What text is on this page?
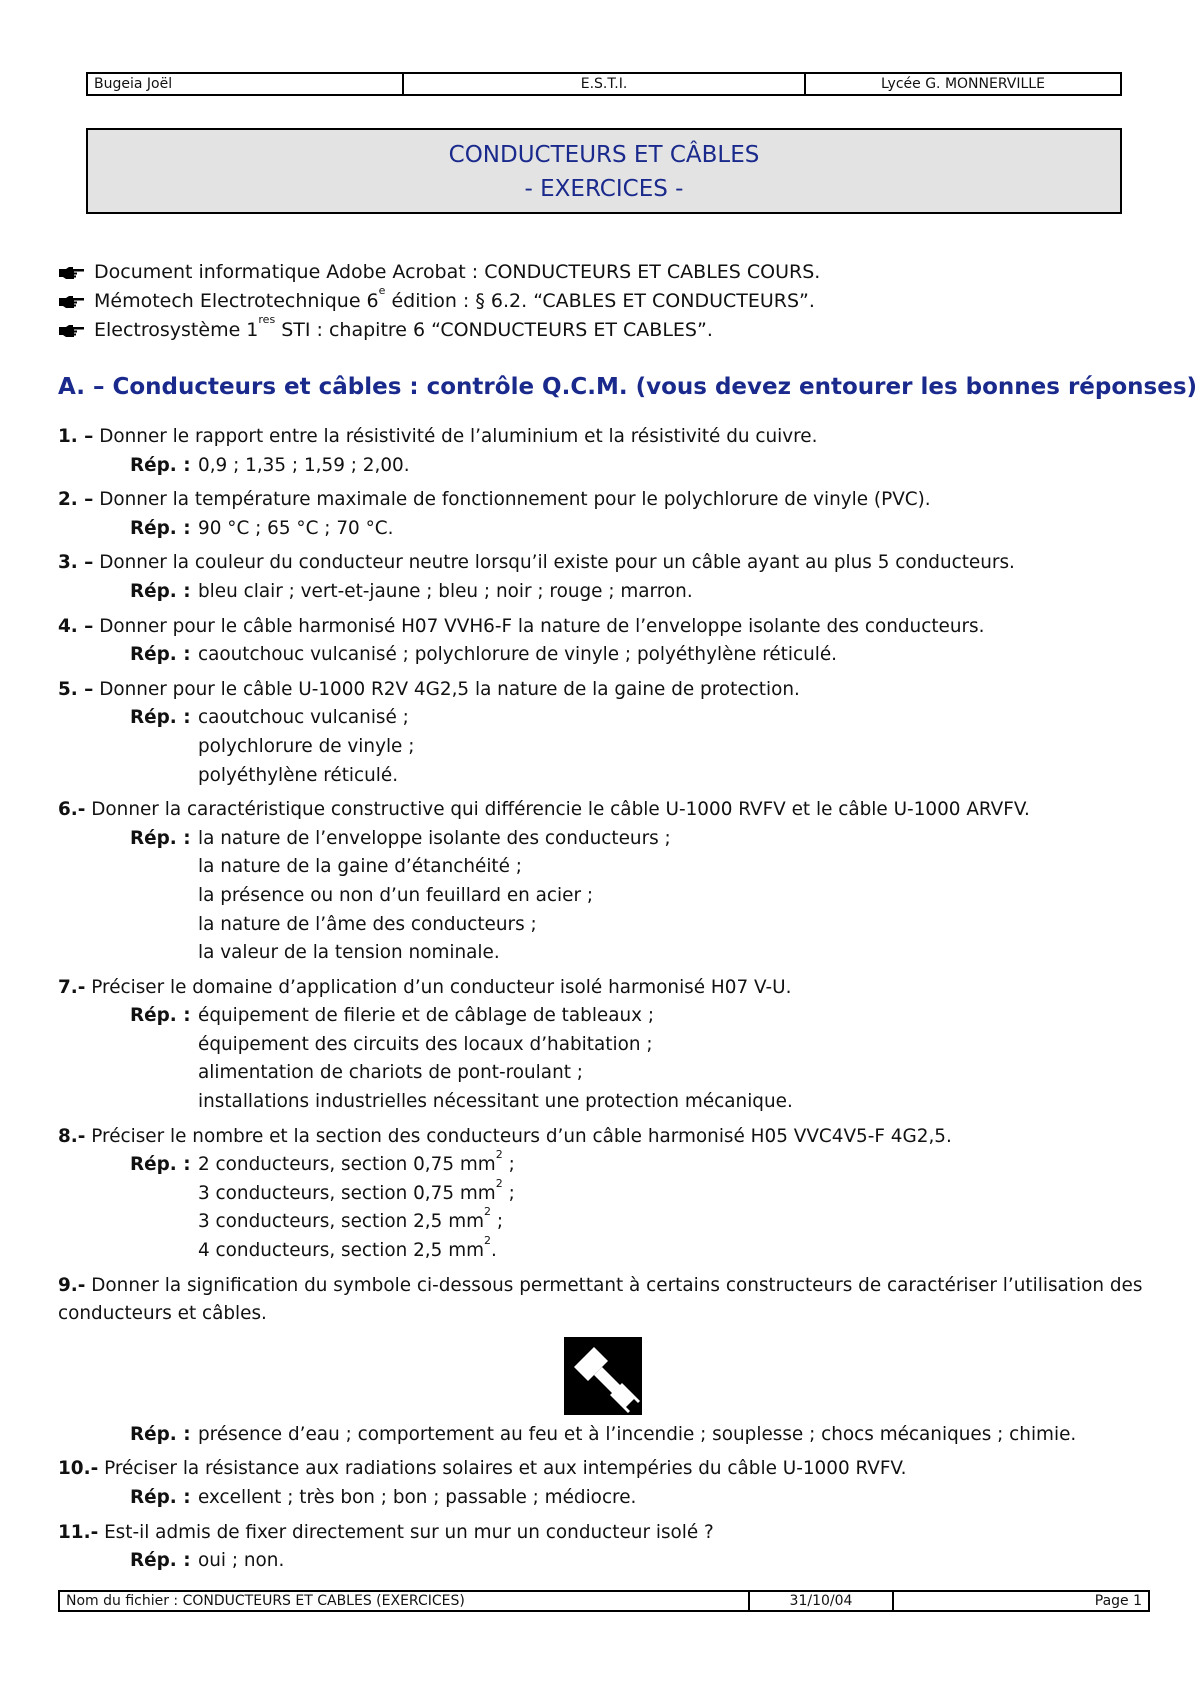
Bugeia Joël	E.S.T.I.	Lycée G. MONNERVILLE
CONDUCTEURS ET CÂBLES
- EXERCICES -
Document informatique Adobe Acrobat : CONDUCTEURS ET CABLES COURS.
Mémotech Electrotechnique 6e édition : § 6.2. “CABLES ET CONDUCTEURS”.
Electrosystème 1res STI : chapitre 6 “CONDUCTEURS ET CABLES”.
A. – Conducteurs et câbles : contrôle Q.C.M. (vous devez entourer les bonnes réponses)
1. – Donner le rapport entre la résistivité de l’aluminium et la résistivité du cuivre.
Rép. : 0,9 ; 1,35 ; 1,59 ; 2,00.
2. – Donner la température maximale de fonctionnement pour le polychlorure de vinyle (PVC).
Rép. : 90 °C ; 65 °C ; 70 °C.
3. – Donner la couleur du conducteur neutre lorsqu’il existe pour un câble ayant au plus 5 conducteurs.
Rép. : bleu clair ; vert-et-jaune ; bleu ; noir ; rouge ; marron.
4. – Donner pour le câble harmonisé H07 VVH6-F la nature de l’enveloppe isolante des conducteurs.
Rép. : caoutchouc vulcanisé ; polychlorure de vinyle ; polyéthylène réticulé.
5. – Donner pour le câble U-1000 R2V 4G2,5 la nature de la gaine de protection.
Rép. : caoutchouc vulcanisé ;
polychlorure de vinyle ;
polyéthylène réticulé.
6.- Donner la caractéristique constructive qui différencie le câble U-1000 RVFV et le câble U-1000 ARVFV.
Rép. : la nature de l’enveloppe isolante des conducteurs ;
la nature de la gaine d’étanchéité ;
la présence ou non d’un feuillard en acier ;
la nature de l’âme des conducteurs ;
la valeur de la tension nominale.
7.- Préciser le domaine d’application d’un conducteur isolé harmonisé H07 V-U.
Rép. : équipement de filerie et de câblage de tableaux ;
équipement des circuits des locaux d’habitation ;
alimentation de chariots de pont-roulant ;
installations industrielles nécessitant une protection mécanique.
8.- Préciser le nombre et la section des conducteurs d’un câble harmonisé H05 VVC4V5-F 4G2,5.
Rép. : 2 conducteurs, section 0,75 $mm^2$ ;
3 conducteurs, section 0,75 $mm^2$ ;
3 conducteurs, section 2,5 $mm^2$ ;
4 conducteurs, section 2,5 $mm^2$.
9.- Donner la signification du symbole ci-dessous permettant à certains constructeurs de caractériser l’utilisation des conducteurs et câbles.
Rép. : présence d’eau ; comportement au feu et à l’incendie ; souplesse ; chocs mécaniques ; chimie.
10.- Préciser la résistance aux radiations solaires et aux intempéries du câble U-1000 RVFV.
Rép. : excellent ; très bon ; bon ; passable ; médiocre.
11.- Est-il admis de fixer directement sur un mur un conducteur isolé ?
Rép. : oui ; non.
Nom du fichier : CONDUCTEURS ET CABLES (EXERCICES)	31/10/04	Page 1
